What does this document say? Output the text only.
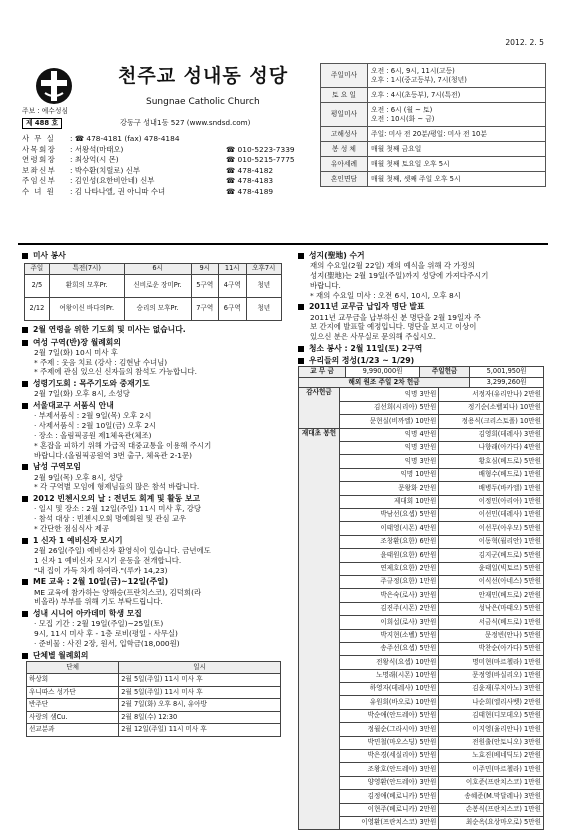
2012. 2. 5
천주교 성내동 성당
Sungnae Catholic Church
주보 : 예수성심
제 488 호	강동구 성내1동 527 (www.sndsd.com)
사 무 실	: ☎ 478-4181 (fax) 478-4184
사목회장	: 서왕석(마태오)	☎ 010-5223-7339
연령회장	: 최상억(시 몬)	☎ 010-5215-7775
보좌신부	: 박수환(치릴로) 신부	☎ 478-4182
주임신부	: 김인성(요한비안네) 신부	☎ 478-4183
수 녀 원	: 김 나타나엘, 권 아니따 수녀	☎ 478-4189
주일미사	오전 : 6시, 9시, 11시(고등)
오후 : 1시(중고등부), 7시(청년)

토 요 일	오후 : 4시(초등부), 7시(특전)

평일미사	오전 : 6시 (월 ~ 토)
오전 : 10시(화 ~ 금)

고해성사	주일: 미사 전 20분/평일: 미사 전 10분

봉 성 체	매월 첫째 금요일

유아세례	매월 첫째 토요일 오후 5시

혼인면담	매월 첫째, 셋째 주일 오후 5시
미사 봉사
주일	특전(7시)	6시	9시	11시	오후7시
2/5	환희의 모후Pr.	신비로운 장미Pr.	5구역	4구역	청년
2/12	여왕이신 바다의Pr.	승리의 모후Pr.	7구역	6구역	청년
2월 연령을 위한 기도회 및 미사는 없습니다.
여성 구역(반)장 월례회의
2월 7일(화) 10시 미사 후
* 주제 : 웃음 치료 (강사 : 김현남 수녀님)
* 주제에 관심 있으신 신자들의 참석도 가능합니다.
성령기도회 : 목주기도와 중재기도
2월 7일(화) 오후 8시, 소성당
서울대교구 서품식 안내
· 부제서품식 : 2월 9일(목) 오후 2시
· 사제서품식 : 2월 10일(금) 오후 2시
· 장소 : 올림픽공원 제1체육관(체조)
* 혼잡을 피하기 위해 가급적 대중교통을 이용해 주시기
바랍니다.(올림픽공원역 3번 출구, 체육관 2-1문)
남성 구역모임
2월 9일(목) 오후 8시, 성당
* 각 구역별 모임에 형제님들의 많은 참석 바랍니다.
2012 빈첸시오의 날 : 전년도 회계 및 활동 보고
· 일시 및 장소 : 2월 12일(주일) 11시 미사 후, 강당
· 참석 대상 : 빈첸시오회 명예회원 및 관심 교우
* 간단한 점심식사 제공
1 신자 1 예비신자 모시기
2월 26일(주일) 예비신자 환영식이 있습니다. 금년에도
1 신자 1 예비신자 모시기 운동을 전개합니다.
"내 집이 가득 차게 하여라."(루카 14,23)
ME 교육 : 2월 10일(금)~12일(주일)
ME 교육에 참가하는 양해승(프란치스코), 김덕희(라
비올라) 부부를 위해 기도 부탁드립니다.
성내 시니어 아카데미 학생 모집
· 모집 기간 : 2월 19일(주일)~25일(토)
9시, 11시 미사 후 - 1층 로비(평일 - 사무실)
· 준비물 : 사진 2장, 원서, 입학금(18,000원)
단체별 월례회의
단체	일시
하상회	2월 5일(주일) 11시 미사 후
우니따스 성가단	2월 5일(주일) 11시 미사 후
반주단	2월 7일(화) 오후 8시, 유아방
사랑의 샘Cu.	2월 8일(수) 12:30
선교분과	2월 12일(주일) 11시 미사 후
성지(聖地) 수거
재의 수요일(2월 22일) 재의 예식을 위해 각 가정의
성지(聖地)는 2월 19일(주일)까지 성당에 가져다주시기
바랍니다.
* 재의 수요일 미사 : 오전 6시, 10시, 오후 8시
2011년 교무금 납입자 명단 발표
2011년 교무금을 납부하신 분 명단을 2월 19일자 주
보 간지에 발표할 예정입니다. 명단을 보시고 이상이
있으신 분은 사무실로 문의해 주십시오.
청소 봉사 : 2월 11일(토) 2구역
우리들의 정성(1/23 ~ 1/29)
교 무 금	9,990,000원	주일헌금	5,001,950원
해외 원조 주일 2차 헌금			3,299,260원
감사헌금	익명 3만원	서정자(유리안나) 2만원
	김선희(시리아) 5만원	정기순(소벨피나) 10만원
	문현실(비까엘) 10만원	정용식(크리스토폴) 10만원
재대초 봉헌	익명 4만원	김영희(데레사) 3만원
	익명 3만원	나향래(아가다) 4만원
	익명 3만원	황호심(베드로) 5만원
	익명 10만원	배형수(베드로) 1만원
	문왕화 2만원	배병두(바카엘) 1만원
	제대회 10만원	이정민(아리아) 1만원
	박남선(요셉) 5만원	이선민(데레사) 1만원
	이태영(시몬) 4만원	이선무(아우모) 5만원
	조창환(요한) 6만원	이동혁(월리안) 1만원
	윤태원(요한) 6만원	김지군(베드로) 5만원
	연제호(요한) 2만원	윤태일(빅토르) 5만원
	주규정(요한) 1만원	이식선(아네스) 5만원
	박은숙(로사) 3만원	안재민(베드로) 2만원
	김진주(시몬) 2만원	성낙은(마태오) 5만원
	이희섭(로사) 3만원	서금식(베드로) 1만원
	박지현(소벨) 5만원	문정빈(안나) 5만원
	송주선(요셉) 5만원	박찬순(아가다) 5만원
	전왕식(요셉) 10만원	명미현(마르첼라) 1만원
	노명래(시몬) 10만원	문정영(바실리오) 1만원
	하영자(데레사) 10만원	김윤재(루치아노) 3만원
	유원희(바오로) 10만원	나순희(엘리사벳) 2만원
	박순애(안드레아) 5만원	김태현(디모데오) 5만원
	정월순(그라시아) 3만원	이지영(율리안나) 1만원
	박민철(마오스딩) 5만원	전원출(안토니오) 3만원
	박은경(세실리아) 5만원	노효진(베네딕도) 2만원
	조왕호(안드레아) 3만원	이주민(마르첼라) 1만원
	양영환(안드레아) 3만원	이호준(프란치스코) 1만원
	김정애(베로니카) 5만원	송혜준(M.막달레나) 3만원
	이현주(베로니카) 2만원	손봉식(프란치스코) 1만원
	이영환(프란치스코) 3만원	최순옥(요상마오로) 5만원
